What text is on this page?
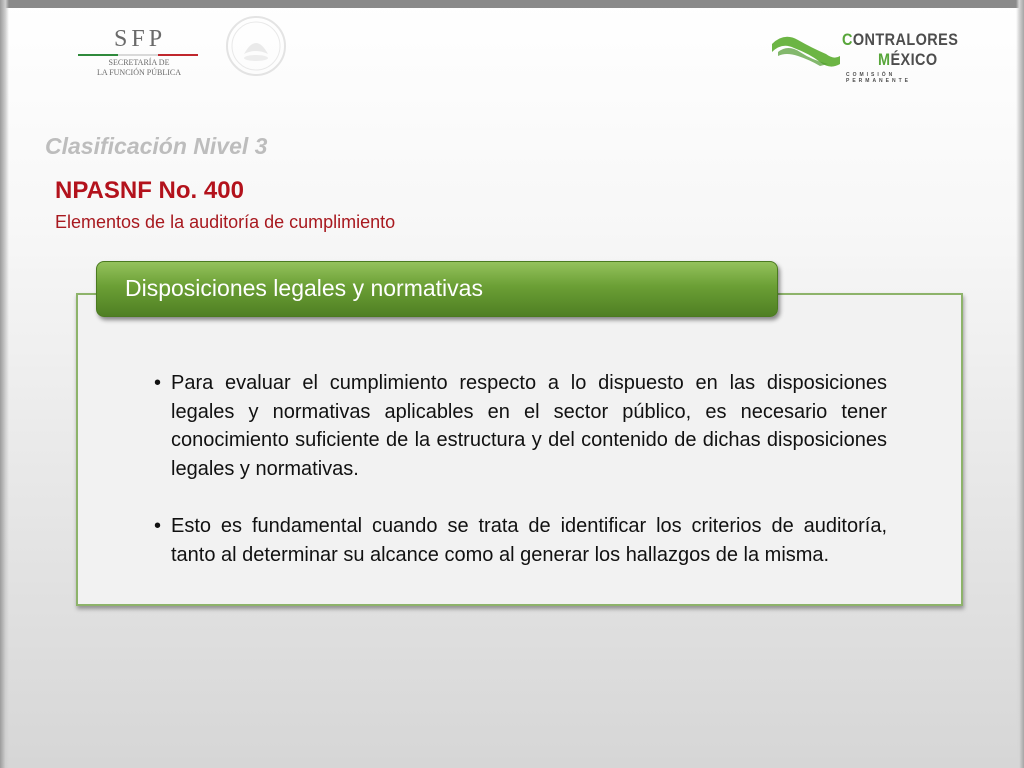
SFP
SECRETARÍA DE
LA FUNCIÓN PÚBLICA
CONTRALORES
MÉXICO
COMISIÓN PERMANENTE
Clasificación Nivel 3
NPASNF No. 400
Elementos de la auditoría de cumplimiento
Disposiciones legales y normativas
• Para evaluar el cumplimiento respecto a lo dispuesto en las disposiciones legales y normativas aplicables en el sector público, es necesario tener conocimiento suficiente de la estructura y del contenido de dichas disposiciones legales y normativas.
• Esto es fundamental cuando se trata de identificar los criterios de auditoría, tanto al determinar su alcance como al generar los hallazgos de la misma.
